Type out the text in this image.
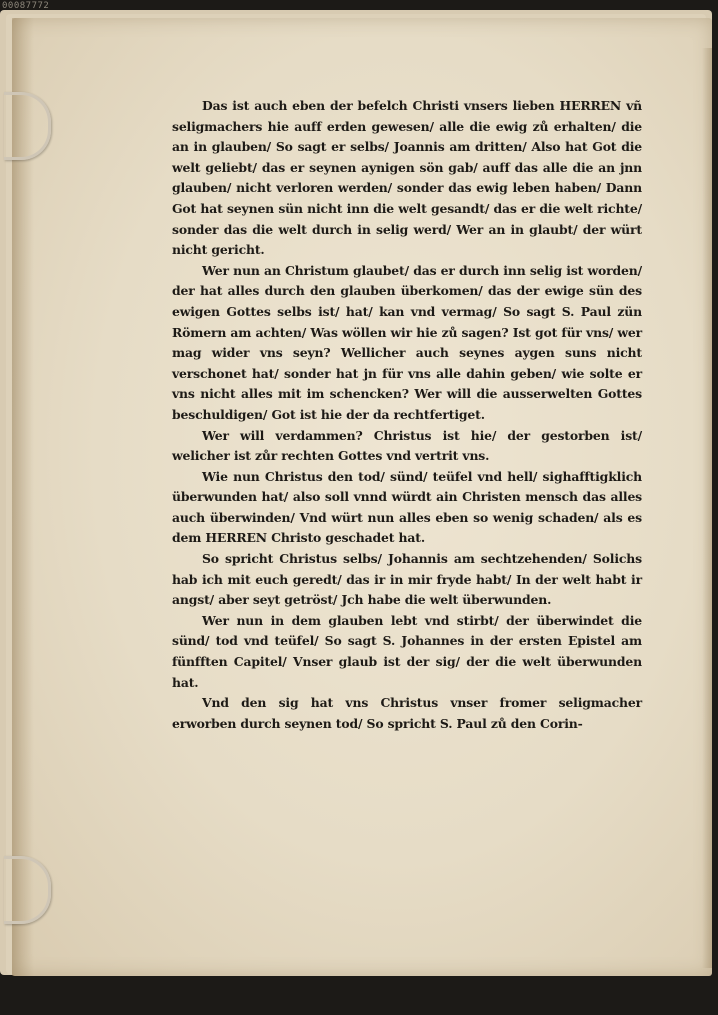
00087772

Das ist auch eben der befelch Christi vnsers lieben HERREN vñ seligmachers hie auff erden gewesen/ alle die ewig zů erhalten/ die an in glauben/ So sagt er selbs/ Joannis am dritten/ Also hat Got die welt geliebt/ das er seynen aynigen sön gab/ auff das alle die an jnn glauben/ nicht verloren werden/ sonder das ewig leben haben/ Dann Got hat seynen sün nicht inn die welt gesandt/ das er die welt richte/ sonder das die welt durch in selig werd/ Wer an in glaubt/ der würt nicht gericht.

Wer nun an Christum glaubet/ das er durch inn selig ist worden/ der hat alles durch den glauben überkomen/ das der ewige sün des ewigen Gottes selbs ist/ hat/ kan vnd vermag/ So sagt S. Paul zün Römern am achten/ Was wöllen wir hie zů sagen? Ist got für vns/ wer mag wider vns seyn? Wellicher auch seynes aygen suns nicht verschonet hat/ sonder hat jn für vns alle dahin geben/ wie solte er vns nicht alles mit im schencken? Wer will die ausserwelten Gottes beschuldigen/ Got ist hie der da rechtfertiget.

Wer will verdammen? Christus ist hie/ der gestorben ist/ welicher ist zůr rechten Gottes vnd vertrit vns.

Wie nun Christus den tod/ sünd/ teüfel vnd hell/ sighafftigklich überwunden hat/ also soll vnnd würdt ain Christen mensch das alles auch überwinden/ Vnd würt nun alles eben so wenig schaden/ als es dem HERREN Christo geschadet hat.

So spricht Christus selbs/ Johannis am sechtzehenden/ Solichs hab ich mit euch geredt/ das ir in mir fryde habt/ In der welt habt ir angst/ aber seyt getröst/ Jch habe die welt überwunden.

Wer nun in dem glauben lebt vnd stirbt/ der überwindet die sünd/ tod vnd teüfel/ So sagt S. Johannes in der ersten Epistel am fünfften Capitel/ Vnser glaub ist der sig/ der die welt überwunden hat.

Vnd den sig hat vns Christus vnser fromer seligmacher erworben durch seynen tod/ So spricht S. Paul zů den Corin-
